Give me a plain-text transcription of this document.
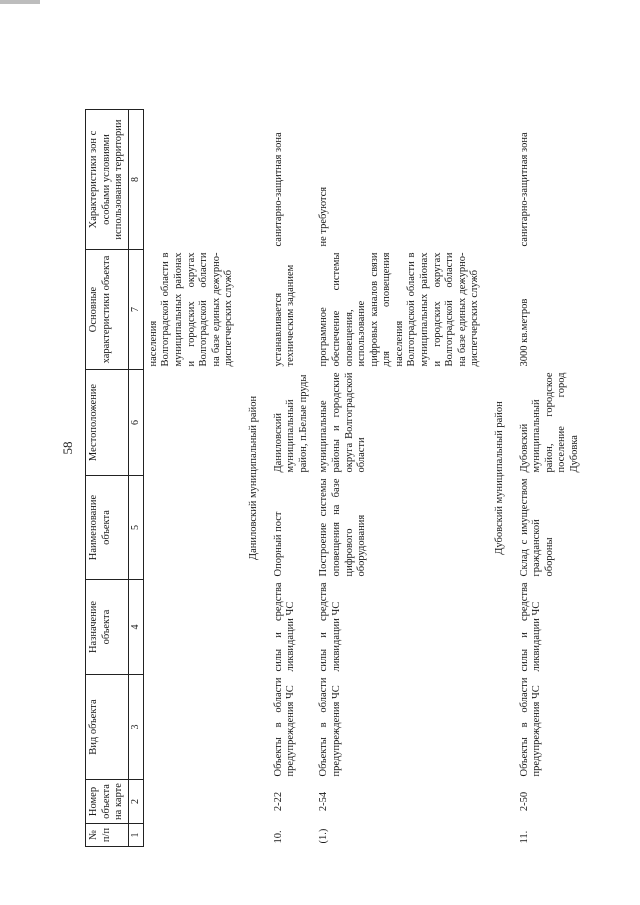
58
№ п/п	Номер объекта на карте	Вид объекта	Назначение объекта	Наименование объекта	Местоположение	Основные характеристики объекта	Характеристики зон с особыми условиями использования территории
1	2	3	4	5	6	7	8
						населения Волгоградской области в муниципальных районах и городских округах Волгоградской области на базе единых дежурно-диспетчерских служб	
Даниловский муниципальный район							
10.	2-22	Объекты в области предупреждения ЧС	силы и средства ликвидации ЧС	Опорный пост	Даниловский муниципальный район, п.Белые пруды	устанавливается техническим заданием	санитарно-защитная зона
(1.)	2-54	Объекты в области предупреждения ЧС	силы и средства ликвидации ЧС	Построение системы оповещения на базе цифрового оборудования	муниципальные районы и городские округа Волгоградской области	программное обеспечение системы оповещения, использование цифровых каналов связи для оповещения населения Волгоградской области в муниципальных районах и городских округах Волгоградской области на базе единых дежурно-диспетчерских служб	не требуются
Дубовский муниципальный район							
11.	2-50	Объекты в области предупреждения ЧС	силы и средства ликвидации ЧС	Склад с имуществом гражданской обороны	Дубовский муниципальный район, городское поселение город Дубовка	3000 кв.метров	санитарно-защитная зона
